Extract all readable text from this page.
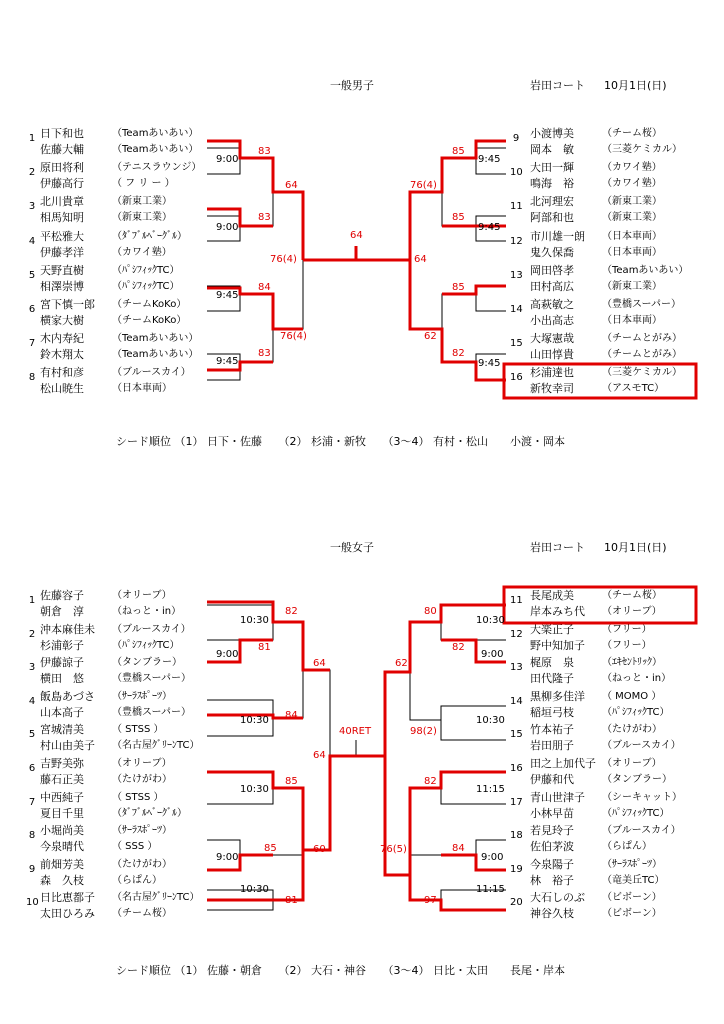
一般男子	岩田コート 10月1日(日)
1 日下和也	（Teamあいあい）
佐藤大輔	（Teamあいあい）
2 原田将利	（テニスラウンジ）
伊藤高行	（ フ リ ー ）
3 北川貴章	（新東工業）
相馬知明	（新東工業）
4 平松雅大	（ﾀﾞﾌﾞﾙﾍﾞｰｸﾞﾙ）
伊藤孝洋	（カワイ塾）
5 天野直樹	（ﾊﾟｼﾌｨｯｸTC）
相澤崇博	（ﾊﾟｼﾌｨｯｸTC）
6 宮下慎一郎 （チームKoKo）
横家大樹	（チームKoKo）
7 木内寿紀	（Teamあいあい）
鈴木翔太	（Teamあいあい）
8 有村和彦	（ブルースカイ）
松山暁生	（日本車両）
9 小渡博美	（チーム桜）
岡本　敏	（三菱ケミカル）
10 大田一輝	（カワイ塾）
鳴海　裕	（カワイ塾）
11 北河理宏	（新東工業）
阿部和也	（新東工業）
12 市川雄一朗 （日本車両）
鬼久保喬	（日本車両）
13 岡田啓孝	（Teamあいあい）
田村高広	（新東工業）
14 高萩敏之	（豊橋スーパー）
小出高志	（日本車両）
15 大塚憲哉	（チームとがみ）
山田惇貴	（チームとがみ）
16 杉浦達也	（三菱ケミカル）
新牧幸司	（アスモTC）
シード順位 （1） 日下・佐藤　　（2） 杉浦・新牧　　（3～4） 有村・松山　　小渡・岡本
一般女子	岩田コート 10月1日(日)
1 佐藤容子	（オリーブ）
朝倉　淳	（ねっと・in）
2 沖本麻佳未 （ブルースカイ）
杉浦彰子	（ﾊﾟｼﾌｨｯｸTC）
3 伊藤諒子	（タンブラー）
横田　悠	（豊橋スーパー）
4 飯島あづさ （ｻｰﾗｽﾎﾟｰﾂ）
山本高子	（豊橋スーパー）
5 宮城清美	（ STSS ）
村山由美子 （名古屋ｸﾞﾘｰﾝTC）
6 吉野美弥	（オリーブ）
藤石正美	（たけがわ）
7 中西純子	（ STSS ）
夏目千里	（ﾀﾞﾌﾞﾙﾍﾞｰｸﾞﾙ）
8 小堀尚美	（ｻｰﾗｽﾎﾟｰﾂ）
今泉晴代	（ SSS ）
9 前畑芳美	（たけがわ）
森　久枝	（らぱん）
10 日比恵都子 （名古屋ｸﾞﾘｰﾝTC）
太田ひろみ （チーム桜）
11 長尾成美	（チーム桜）
岸本みち代 （オリーブ）
12 大楽正子	（フリー）
野中知加子 （フリー）
13 梶原　泉	（ｴｷｾﾝﾄﾘｯｸ）
田代隆子	（ねっと・in）
14 黒柳多佳洋 （ MOMO ）
稲垣弓枝	（ﾊﾟｼﾌｨｯｸTC）
15 竹本祐子	（たけがわ）
岩田朋子	（ブルースカイ）
16 田之上加代子 （オリーブ）
伊藤和代	（タンブラー）
17 青山世津子 （シーキャット）
小林早苗	（ﾊﾟｼﾌｨｯｸTC）
18 若見玲子	（ブルースカイ）
佐伯茅波	（らぱん）
19 今泉陽子	（ｻｰﾗｽﾎﾟｰﾂ）
林　裕子	（竜美丘TC）
20 大石しのぶ （ビボーン）
神谷久枝	（ビボーン）
シード順位 （1） 佐藤・朝倉　　（2） 大石・神谷　　（3～4） 日比・太田　　長尾・岸本
9:00
9:00
9:45
9:45
9:45
9:45
9:45
83
83
84
83
64
76(4)
76(4)
64
85
85
85
82
76(4)
62
64
10:30
9:00
10:30
10:30
9:00
10:30
10:30
9:00
10:30
11:15
9:00
11:15
82
81
84
85
85
81
64
64
60
40RET
80
82
62
98(2)
82
84
97
76(5)
